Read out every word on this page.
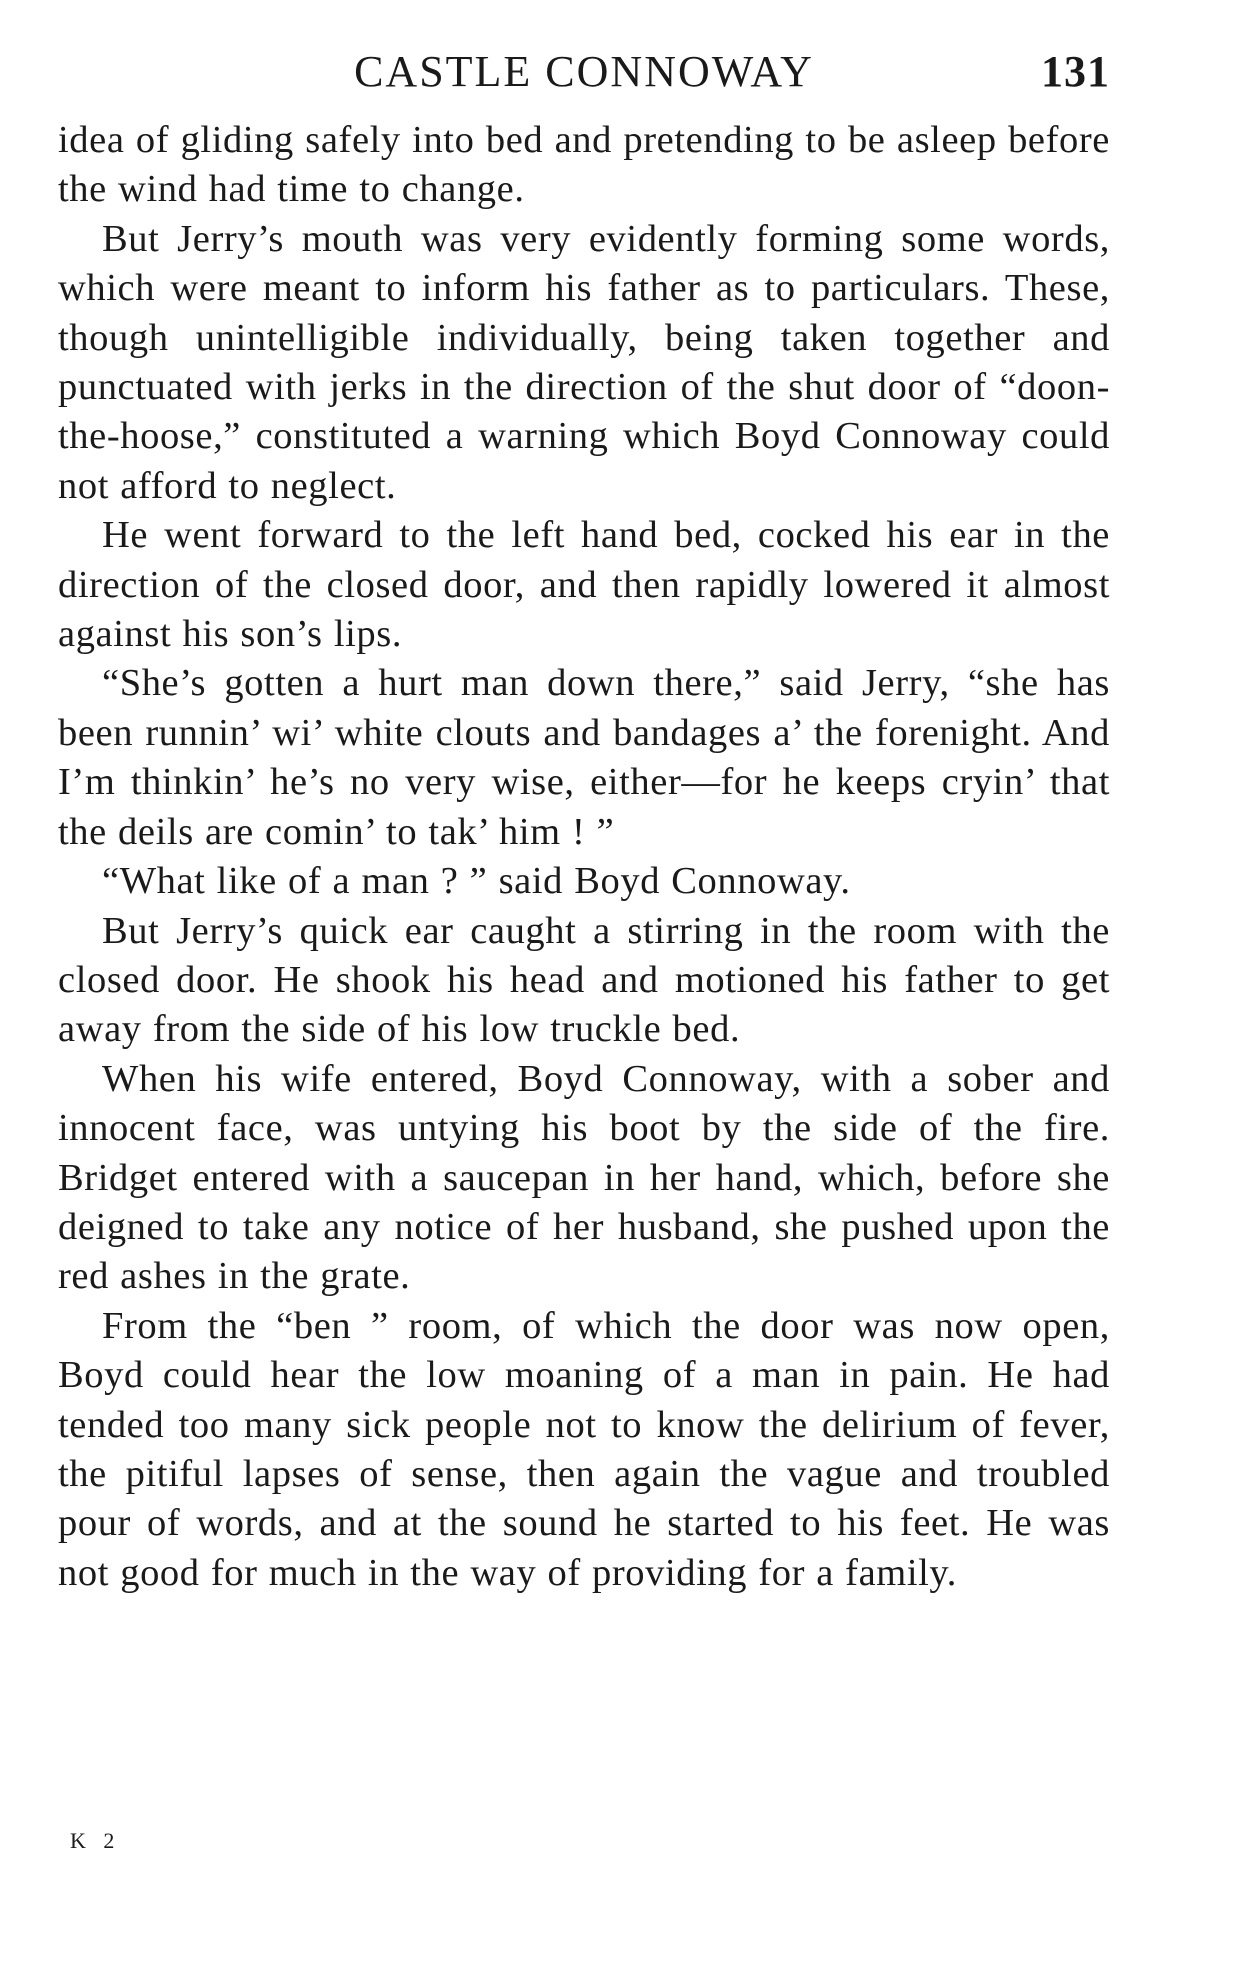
CASTLE CONNOWAY	131

idea of gliding safely into bed and pretending to be asleep before the wind had time to change.

But Jerry’s mouth was very evidently forming some words, which were meant to inform his father as to particulars. These, though unintelligible individually, being taken together and punctuated with jerks in the direction of the shut door of “doon-the-hoose,” constituted a warning which Boyd Connoway could not afford to neglect.

He went forward to the left hand bed, cocked his ear in the direction of the closed door, and then rapidly lowered it almost against his son’s lips.

“She’s gotten a hurt man down there,” said Jerry, “she has been runnin’ wi’ white clouts and bandages a’ the forenight. And I’m thinkin’ he’s no very wise, either—for he keeps cryin’ that the deils are comin’ to tak’ him ! ”

“What like of a man ? ” said Boyd Connoway.

But Jerry’s quick ear caught a stirring in the room with the closed door. He shook his head and motioned his father to get away from the side of his low truckle bed.

When his wife entered, Boyd Connoway, with a sober and innocent face, was untying his boot by the side of the fire. Bridget entered with a saucepan in her hand, which, before she deigned to take any notice of her husband, she pushed upon the red ashes in the grate.

From the “ben ” room, of which the door was now open, Boyd could hear the low moaning of a man in pain. He had tended too many sick people not to know the delirium of fever, the pitiful lapses of sense, then again the vague and troubled pour of words, and at the sound he started to his feet. He was not good for much in the way of providing for a family.

K 2
